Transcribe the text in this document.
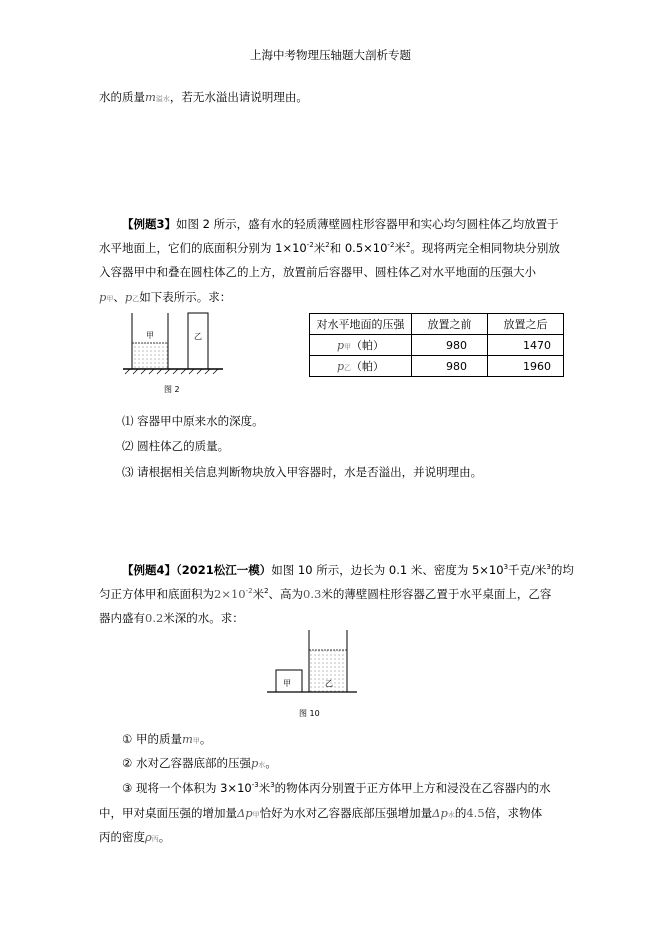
上海中考物理压轴题大剖析专题
水的质量m溢水，若无水溢出请说明理由。
【例题3】如图 2 所示，盛有水的轻质薄壁圆柱形容器甲和实心均匀圆柱体乙均放置于
水平地面上，它们的底面积分别为 $1\times 10^{-2}$米$^2$和 $0.5\times 10^{-2}$米$^2$。现将两完全相同物块分别放
入容器甲中和叠在圆柱体乙的上方，放置前后容器甲、圆柱体乙对水平地面的压强大小
p甲、p乙如下表所示。求：
甲	乙
图 2
对水平地面的压强	放置之前	放置之后
p甲（帕）	980	1470
p乙（帕）	980	1960
⑴ 容器甲中原来水的深度。
⑵ 圆柱体乙的质量。
⑶ 请根据相关信息判断物块放入甲容器时，水是否溢出，并说明理由。
【例题4】（2021松江一模）如图 10 所示，边长为 0.1 米、密度为 $5\times 10^3$千克/米$^3$的均
匀正方体甲和底面积为$2\times 10^{-2}$米$^2$、高为0.3米的薄壁圆柱形容器乙置于水平桌面上，乙容
器内盛有0.2米深的水。求：
甲	乙
图 10
① 甲的质量m甲。
② 水对乙容器底部的压强p水。
③ 现将一个体积为 $3\times 10^{-3}$米$^3$的物体丙分别置于正方体甲上方和浸没在乙容器内的水
中，甲对桌面压强的增加量Δp甲恰好为水对乙容器底部压强增加量Δp水的4.5倍，求物体
丙的密度ρ丙。
